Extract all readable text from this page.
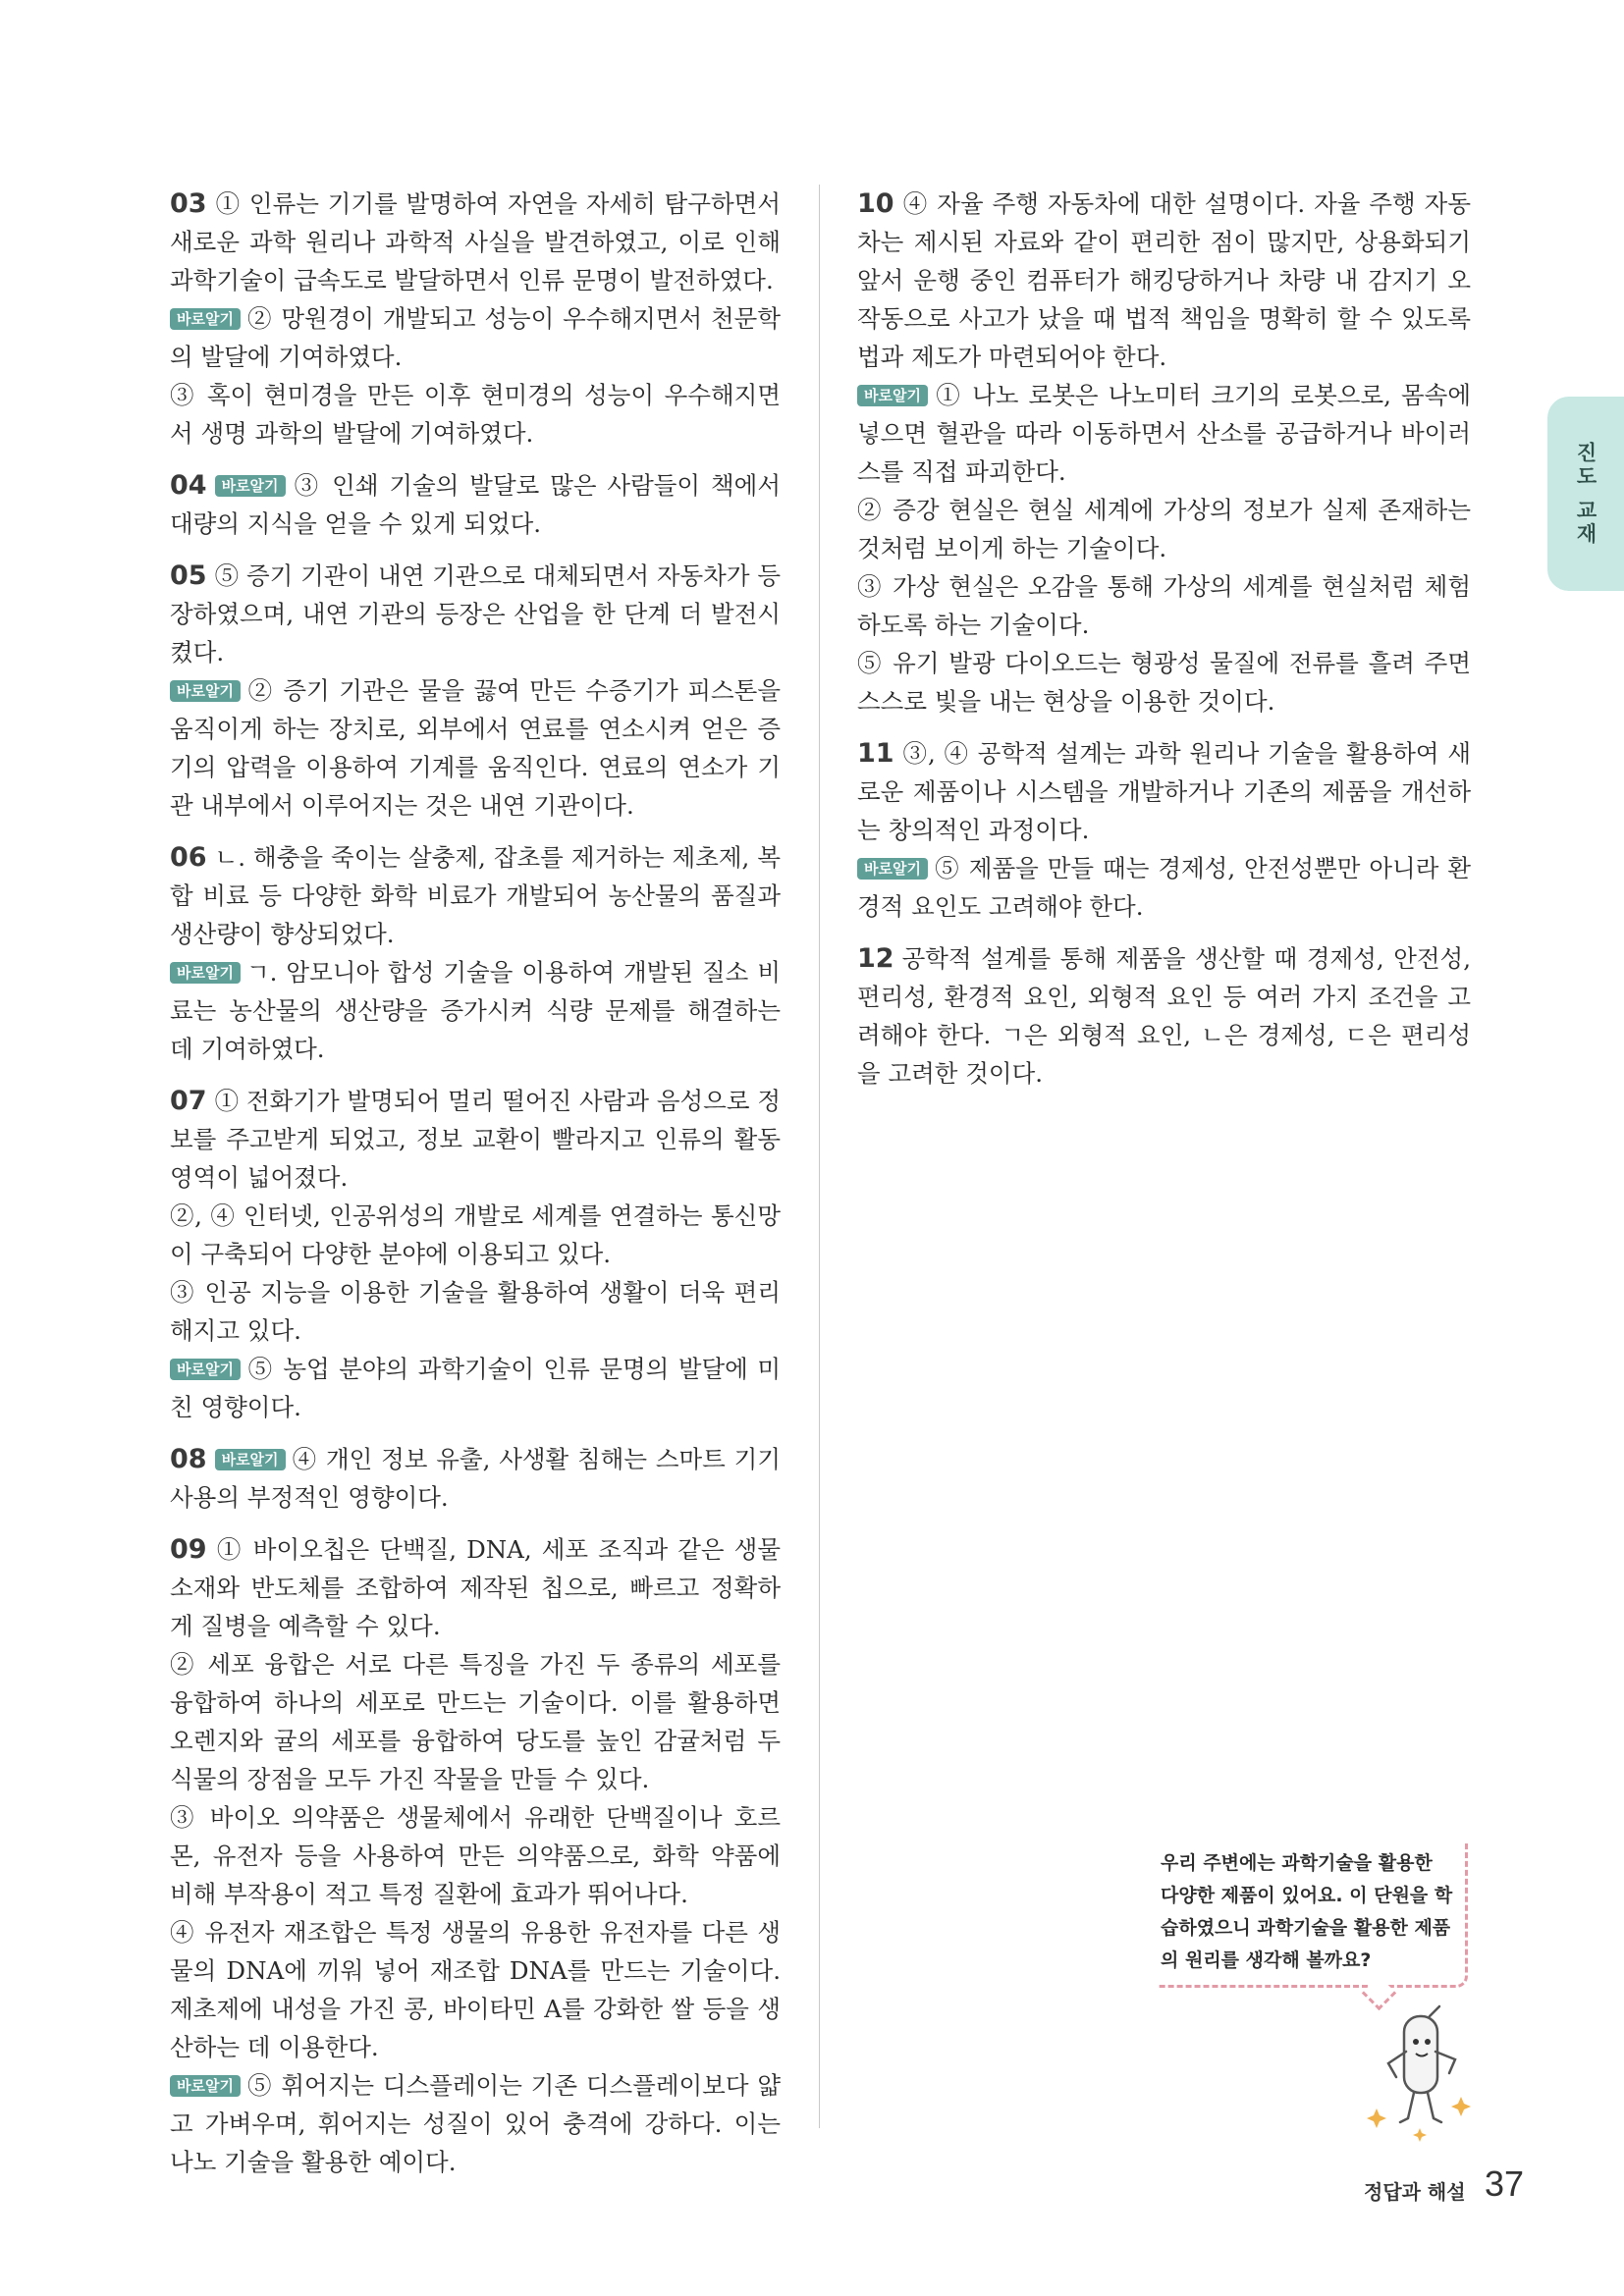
03 ① 인류는 기기를 발명하여 자연을 자세히 탐구하면서 새로운 과학 원리나 과학적 사실을 발견하였고, 이로 인해 과학기술이 급속도로 발달하면서 인류 문명이 발전하였다.

바로알기 ② 망원경이 개발되고 성능이 우수해지면서 천문학의 발달에 기여하였다.

③ 혹이 현미경을 만든 이후 현미경의 성능이 우수해지면서 생명 과학의 발달에 기여하였다.

04 바로알기 ③ 인쇄 기술의 발달로 많은 사람들이 책에서 대량의 지식을 얻을 수 있게 되었다.

05 ⑤ 증기 기관이 내연 기관으로 대체되면서 자동차가 등장하였으며, 내연 기관의 등장은 산업을 한 단계 더 발전시켰다.

바로알기 ② 증기 기관은 물을 끓여 만든 수증기가 피스톤을 움직이게 하는 장치로, 외부에서 연료를 연소시켜 얻은 증기의 압력을 이용하여 기계를 움직인다. 연료의 연소가 기관 내부에서 이루어지는 것은 내연 기관이다.

06 ㄴ. 해충을 죽이는 살충제, 잡초를 제거하는 제초제, 복합 비료 등 다양한 화학 비료가 개발되어 농산물의 품질과 생산량이 향상되었다.

바로알기 ㄱ. 암모니아 합성 기술을 이용하여 개발된 질소 비료는 농산물의 생산량을 증가시켜 식량 문제를 해결하는 데 기여하였다.

07 ① 전화기가 발명되어 멀리 떨어진 사람과 음성으로 정보를 주고받게 되었고, 정보 교환이 빨라지고 인류의 활동 영역이 넓어졌다.

②, ④ 인터넷, 인공위성의 개발로 세계를 연결하는 통신망이 구축되어 다양한 분야에 이용되고 있다.

③ 인공 지능을 이용한 기술을 활용하여 생활이 더욱 편리해지고 있다.

바로알기 ⑤ 농업 분야의 과학기술이 인류 문명의 발달에 미친 영향이다.

08 바로알기 ④ 개인 정보 유출, 사생활 침해는 스마트 기기 사용의 부정적인 영향이다.

09 ① 바이오칩은 단백질, DNA, 세포 조직과 같은 생물 소재와 반도체를 조합하여 제작된 칩으로, 빠르고 정확하게 질병을 예측할 수 있다.

② 세포 융합은 서로 다른 특징을 가진 두 종류의 세포를 융합하여 하나의 세포로 만드는 기술이다. 이를 활용하면 오렌지와 귤의 세포를 융합하여 당도를 높인 감귤처럼 두 식물의 장점을 모두 가진 작물을 만들 수 있다.

③ 바이오 의약품은 생물체에서 유래한 단백질이나 호르몬, 유전자 등을 사용하여 만든 의약품으로, 화학 약품에 비해 부작용이 적고 특정 질환에 효과가 뛰어나다.

④ 유전자 재조합은 특정 생물의 유용한 유전자를 다른 생물의 DNA에 끼워 넣어 재조합 DNA를 만드는 기술이다. 제초제에 내성을 가진 콩, 바이타민 A를 강화한 쌀 등을 생산하는 데 이용한다.

바로알기 ⑤ 휘어지는 디스플레이는 기존 디스플레이보다 얇고 가벼우며, 휘어지는 성질이 있어 충격에 강하다. 이는 나노 기술을 활용한 예이다.

10 ④ 자율 주행 자동차에 대한 설명이다. 자율 주행 자동차는 제시된 자료와 같이 편리한 점이 많지만, 상용화되기 앞서 운행 중인 컴퓨터가 해킹당하거나 차량 내 감지기 오작동으로 사고가 났을 때 법적 책임을 명확히 할 수 있도록 법과 제도가 마련되어야 한다.

바로알기 ① 나노 로봇은 나노미터 크기의 로봇으로, 몸속에 넣으면 혈관을 따라 이동하면서 산소를 공급하거나 바이러스를 직접 파괴한다.

② 증강 현실은 현실 세계에 가상의 정보가 실제 존재하는 것처럼 보이게 하는 기술이다.

③ 가상 현실은 오감을 통해 가상의 세계를 현실처럼 체험하도록 하는 기술이다.

⑤ 유기 발광 다이오드는 형광성 물질에 전류를 흘려 주면 스스로 빛을 내는 현상을 이용한 것이다.

11 ③, ④ 공학적 설계는 과학 원리나 기술을 활용하여 새로운 제품이나 시스템을 개발하거나 기존의 제품을 개선하는 창의적인 과정이다.

바로알기 ⑤ 제품을 만들 때는 경제성, 안전성뿐만 아니라 환경적 요인도 고려해야 한다.

12 공학적 설계를 통해 제품을 생산할 때 경제성, 안전성, 편리성, 환경적 요인, 외형적 요인 등 여러 가지 조건을 고려해야 한다. ㄱ은 외형적 요인, ㄴ은 경제성, ㄷ은 편리성을 고려한 것이다.

진도 교재
우리 주변에는 과학기술을 활용한 다양한 제품이 있어요. 이 단원을 학습하였으니 과학기술을 활용한 제품의 원리를 생각해 볼까요?
정답과 해설 37
